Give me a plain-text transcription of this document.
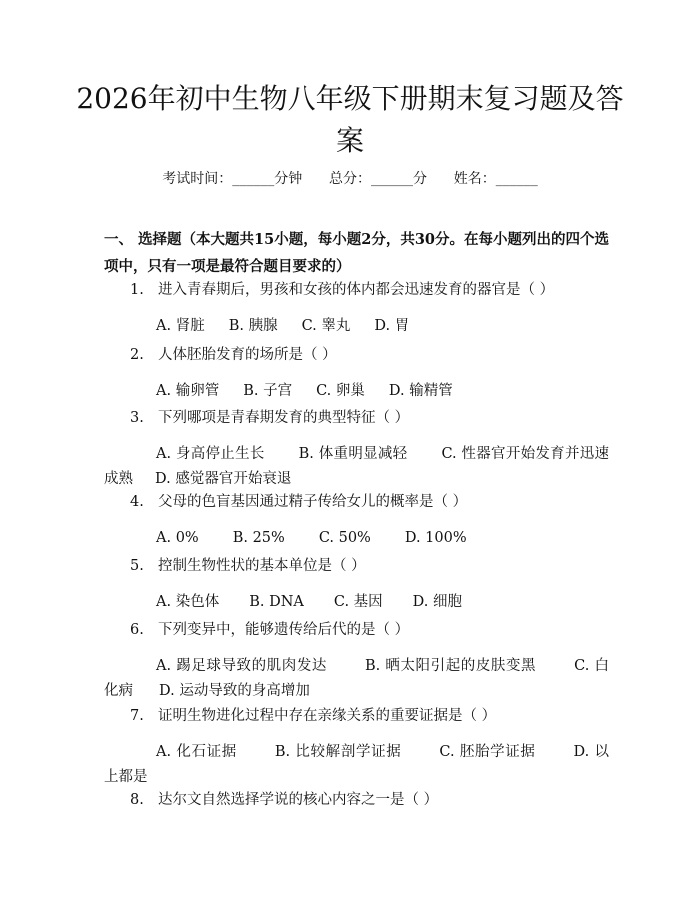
2026年初中生物八年级下册期末复习题及答案
考试时间：______分钟      总分：______分      姓名：______
一、 选择题（本大题共15小题，每小题2分，共30分。在每小题列出的四个选项中，只有一项是最符合题目要求的）
1. 进入青春期后，男孩和女孩的体内都会迅速发育的器官是（ ）
A. 肾脏 B. 胰腺 C. 睾丸 D. 胃
2. 人体胚胎发育的场所是（ ）
A. 输卵管 B. 子宫 C. 卵巢 D. 输精管
3. 下列哪项是青春期发育的典型特征（ ）
A. 身高停止生长 B. 体重明显减轻 C. 性器官开始发育并迅速成熟 D. 感觉器官开始衰退
4. 父母的色盲基因通过精子传给女儿的概率是（ ）
A. 0% B. 25% C. 50% D. 100%
5. 控制生物性状的基本单位是（ ）
A. 染色体 B. DNA C. 基因 D. 细胞
6. 下列变异中，能够遗传给后代的是（ ）
A. 踢足球导致的肌肉发达	B. 晒太阳引起的皮肤变黑	C. 白化病 D. 运动导致的身高增加
7. 证明生物进化过程中存在亲缘关系的重要证据是（ ）
A. 化石证据	B. 比较解剖学证据	C. 胚胎学证据	D. 以上都是
8. 达尔文自然选择学说的核心内容之一是（ ）
